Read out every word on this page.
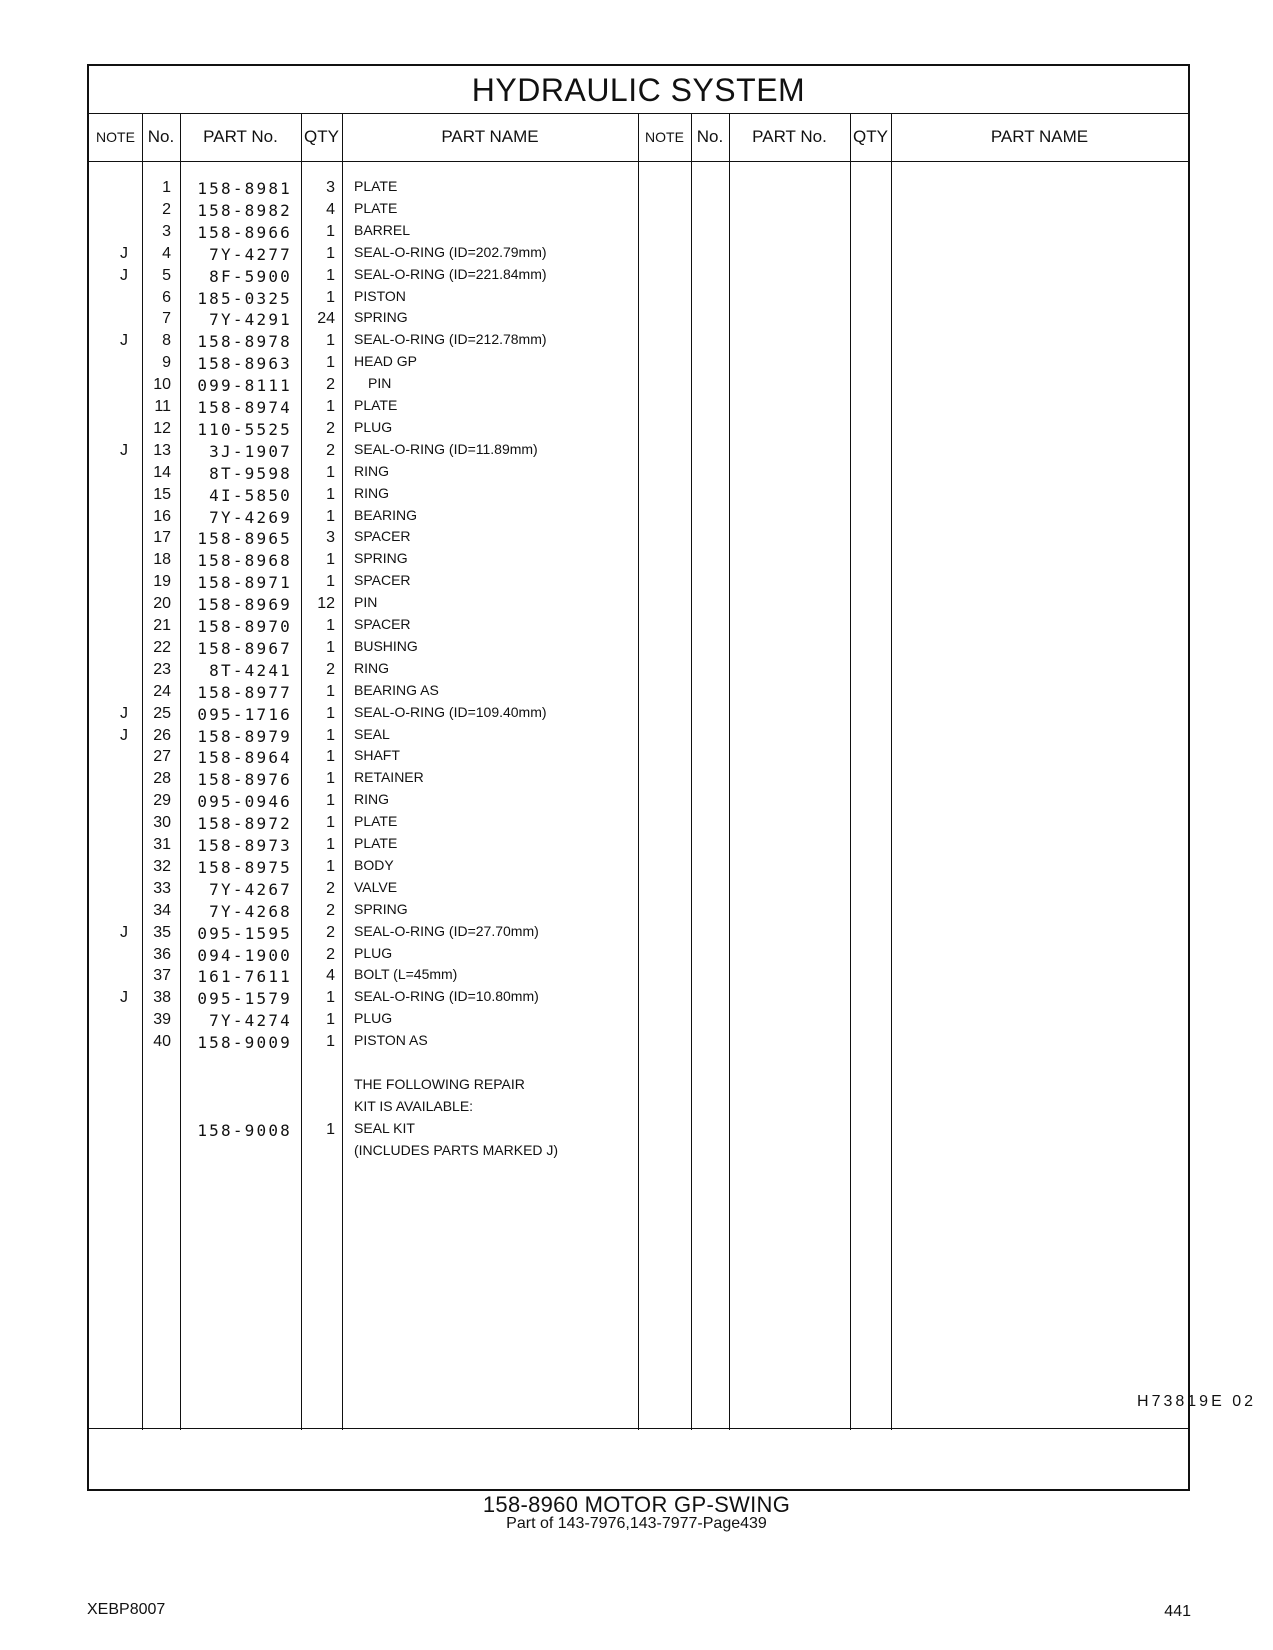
HYDRAULIC SYSTEM
NOTE No.	PART No.	QTY	PART NAME	NOTE No.	PART No.	QTY	PART NAME
1	158-8981	3	PLATE
2	158-8982	4	PLATE
3	158-8966	1	BARREL
J	4	7Y-4277	1	SEAL-O-RING (ID=202.79mm)
J	5	8F-5900	1	SEAL-O-RING (ID=221.84mm)
6	185-0325	1	PISTON
7	7Y-4291	24	SPRING
J	8	158-8978	1	SEAL-O-RING (ID=212.78mm)
9	158-8963	1	HEAD GP
10	099-8111	2	PIN
11	158-8974	1	PLATE
12	110-5525	2	PLUG
J	13	3J-1907	2	SEAL-O-RING (ID=11.89mm)
14	8T-9598	1	RING
15	4I-5850	1	RING
16	7Y-4269	1	BEARING
17	158-8965	3	SPACER
18	158-8968	1	SPRING
19	158-8971	1	SPACER
20	158-8969	12	PIN
21	158-8970	1	SPACER
22	158-8967	1	BUSHING
23	8T-4241	2	RING
24	158-8977	1	BEARING AS
J	25	095-1716	1	SEAL-O-RING (ID=109.40mm)
J	26	158-8979	1	SEAL
27	158-8964	1	SHAFT
28	158-8976	1	RETAINER
29	095-0946	1	RING
30	158-8972	1	PLATE
31	158-8973	1	PLATE
32	158-8975	1	BODY
33	7Y-4267	2	VALVE
34	7Y-4268	2	SPRING
J	35	095-1595	2	SEAL-O-RING (ID=27.70mm)
36	094-1900	2	PLUG
37	161-7611	4	BOLT (L=45mm)
J	38	095-1579	1	SEAL-O-RING (ID=10.80mm)
39	7Y-4274	1	PLUG
40	158-9009	1	PISTON AS
THE FOLLOWING REPAIR
KIT IS AVAILABLE:
158-9008	1	SEAL KIT
(INCLUDES PARTS MARKED J)
H73819E 02
158-8960 MOTOR GP-SWING
Part of 143-7976,143-7977-Page439
XEBP8007	441
